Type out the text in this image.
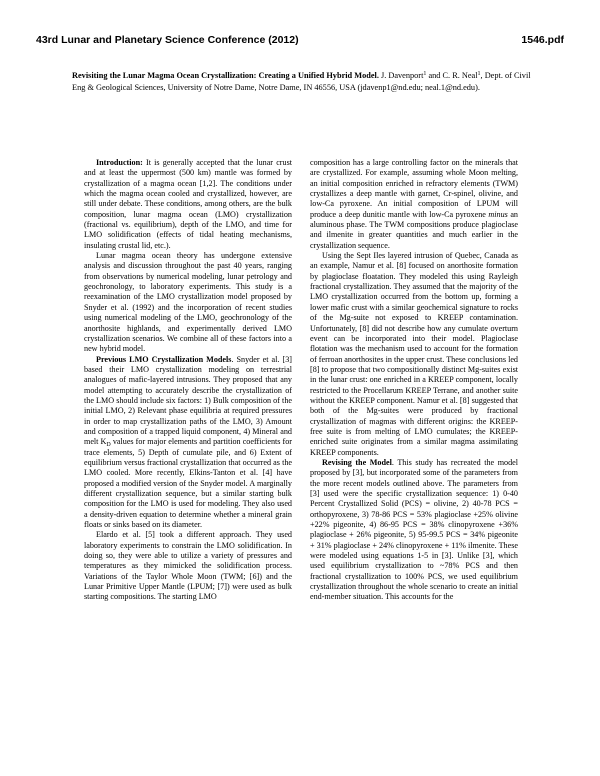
43rd Lunar and Planetary Science Conference (2012)	1546.pdf
Revisiting the Lunar Magma Ocean Crystallization: Creating a Unified Hybrid Model. J. Davenport$^1$ and C. R. Neal$^1$, Dept. of Civil Eng & Geological Sciences, University of Notre Dame, Notre Dame, IN 46556, USA (jdavenp1@nd.edu; neal.1@nd.edu).

Introduction: It is generally accepted that the lunar crust and at least the uppermost (500 km) mantle was formed by crystallization of a magma ocean [1,2]. The conditions under which the magma ocean cooled and crystallized, however, are still under debate. These conditions, among others, are the bulk composition, lunar magma ocean (LMO) crystallization (fractional vs. equilibrium), depth of the LMO, and time for LMO solidification (effects of tidal heating mechanisms, insulating crustal lid, etc.).

Lunar magma ocean theory has undergone extensive analysis and discussion throughout the past 40 years, ranging from observations by numerical modeling, lunar petrology and geochronology, to laboratory experiments. This study is a reexamination of the LMO crystallization model proposed by Snyder et al. (1992) and the incorporation of recent studies using numerical modeling of the LMO, geochronology of the anorthosite highlands, and experimentally derived LMO crystallization scenarios. We combine all of these factors into a new hybrid model.

Previous LMO Crystallization Models. Snyder et al. [3] based their LMO crystallization modeling on terrestrial analogues of mafic-layered intrusions. They proposed that any model attempting to accurately describe the crystallization of the LMO should include six factors: 1) Bulk composition of the initial LMO, 2) Relevant phase equilibria at required pressures in order to map crystallization paths of the LMO, 3) Amount and composition of a trapped liquid component, 4) Mineral and melt $K_D$ values for major elements and partition coefficients for trace elements, 5) Depth of cumulate pile, and 6) Extent of equilibrium versus fractional crystallization that occurred as the LMO cooled. More recently, Elkins-Tanton et al. [4] have proposed a modified version of the Snyder model. A marginally different crystallization sequence, but a similar starting bulk composition for the LMO is used for modeling. They also used a density-driven equation to determine whether a mineral grain floats or sinks based on its diameter.

Elardo et al. [5] took a different approach. They used laboratory experiments to constrain the LMO solidification. In doing so, they were able to utilize a variety of pressures and temperatures as they mimicked the solidification process. Variations of the Taylor Whole Moon (TWM; [6]) and the Lunar Primitive Upper Mantle (LPUM; [7]) were used as bulk starting compositions. The starting LMO

composition has a large controlling factor on the minerals that are crystallized. For example, assuming whole Moon melting, an initial composition enriched in refractory elements (TWM) crystallizes a deep mantle with garnet, Cr-spinel, olivine, and low-Ca pyroxene. An initial composition of LPUM will produce a deep dunitic mantle with low-Ca pyroxene minus an aluminous phase. The TWM compositions produce plagioclase and ilmenite in greater quantities and much earlier in the crystallization sequence.

Using the Sept Iles layered intrusion of Quebec, Canada as an example, Namur et al. [8] focused on anorthosite formation by plagioclase floatation. They modeled this using Rayleigh fractional crystallization. They assumed that the majority of the LMO crystallization occurred from the bottom up, forming a lower mafic crust with a similar geochemical signature to rocks of the Mg-suite not exposed to KREEP contamination. Unfortunately, [8] did not describe how any cumulate overturn event can be incorporated into their model. Plagioclase flotation was the mechanism used to account for the formation of ferroan anorthosites in the upper crust. These conclusions led [8] to propose that two compositionally distinct Mg-suites exist in the lunar crust: one enriched in a KREEP component, locally restricted to the Procellarum KREEP Terrane, and another suite without the KREEP component. Namur et al. [8] suggested that both of the Mg-suites were produced by fractional crystallization of magmas with different origins: the KREEP-free suite is from melting of LMO cumulates; the KREEP-enriched suite originates from a similar magma assimilating KREEP components.

Revising the Model. This study has recreated the model proposed by [3], but incorporated some of the parameters from the more recent models outlined above. The parameters from [3] used were the specific crystallization sequence: 1) 0-40 Percent Crystallized Solid (PCS) = olivine, 2) 40-78 PCS = orthopyroxene, 3) 78-86 PCS = 53% plagioclase +25% olivine +22% pigeonite, 4) 86-95 PCS = 38% clinopyroxene +36% plagioclase + 26% pigeonite, 5) 95-99.5 PCS = 34% pigeonite + 31% plagioclase + 24% clinopyroxene + 11% ilmenite. These were modeled using equations 1-5 in [3]. Unlike [3], which used equilibrium crystallization to ~78% PCS and then fractional crystallization to 100% PCS, we used equilibrium crystallization throughout the whole scenario to create an initial end-member situation. This accounts for the
